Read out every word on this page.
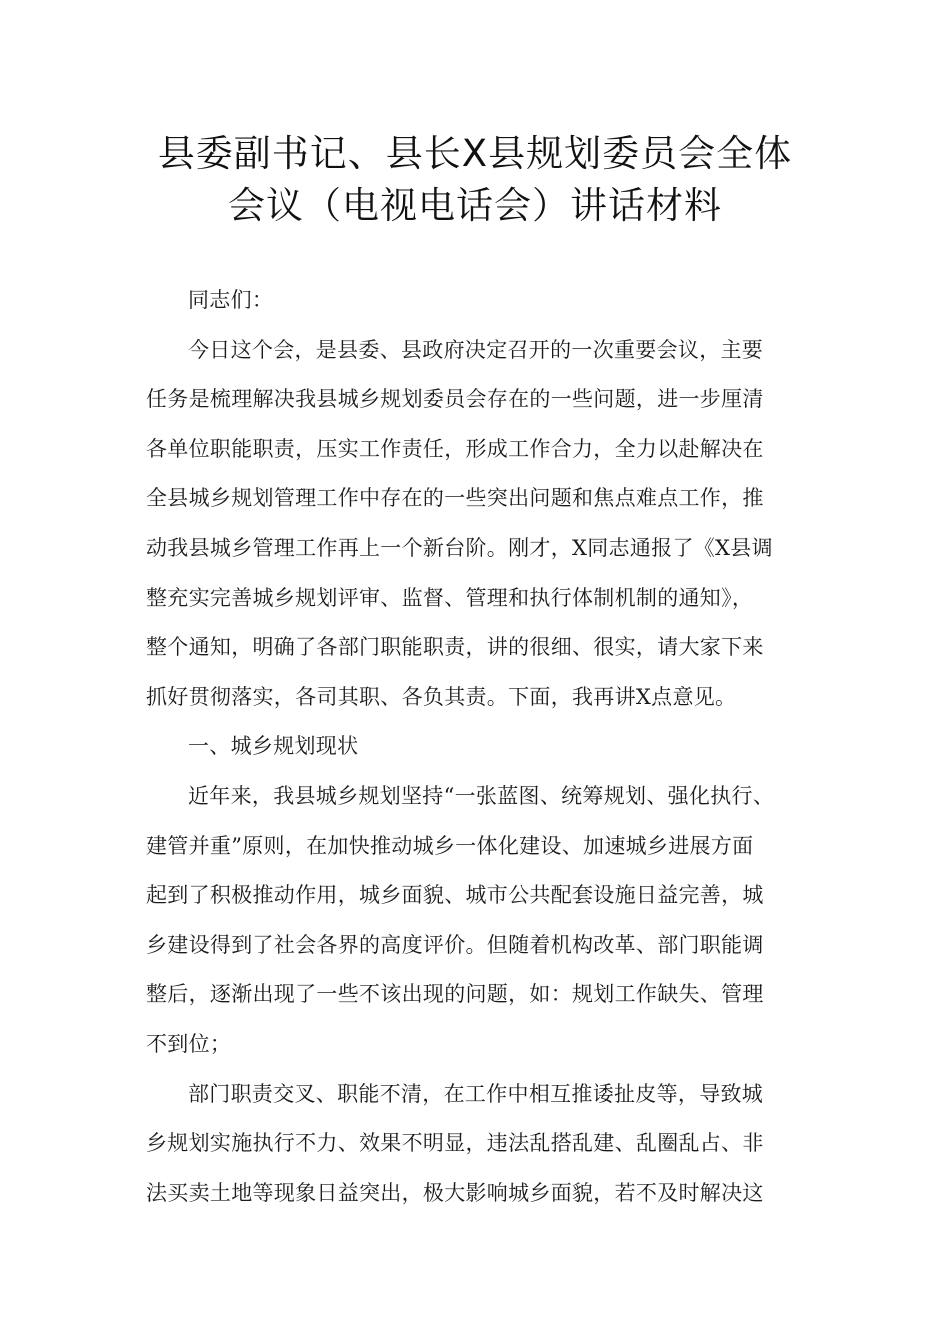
县委副书记、县长X县规划委员会全体
会议（电视电话会）讲话材料
同志们：
今日这个会，是县委、县政府决定召开的一次重要会议，主要
任务是梳理解决我县城乡规划委员会存在的一些问题，进一步厘清
各单位职能职责，压实工作责任，形成工作合力，全力以赴解决在
全县城乡规划管理工作中存在的一些突出问题和焦点难点工作，推
动我县城乡管理工作再上一个新台阶。刚才，X同志通报了《X县调
整充实完善城乡规划评审、监督、管理和执行体制机制的通知》，
整个通知，明确了各部门职能职责，讲的很细、很实，请大家下来
抓好贯彻落实，各司其职、各负其责。下面，我再讲X点意见。
一、城乡规划现状
近年来，我县城乡规划坚持“一张蓝图、统筹规划、强化执行、
建管并重”原则，在加快推动城乡一体化建设、加速城乡进展方面
起到了积极推动作用，城乡面貌、城市公共配套设施日益完善，城
乡建设得到了社会各界的高度评价。但随着机构改革、部门职能调
整后，逐渐出现了一些不该出现的问题，如：规划工作缺失、管理
不到位；
部门职责交叉、职能不清，在工作中相互推诿扯皮等，导致城
乡规划实施执行不力、效果不明显，违法乱搭乱建、乱圈乱占、非
法买卖土地等现象日益突出，极大影响城乡面貌，若不及时解决这
